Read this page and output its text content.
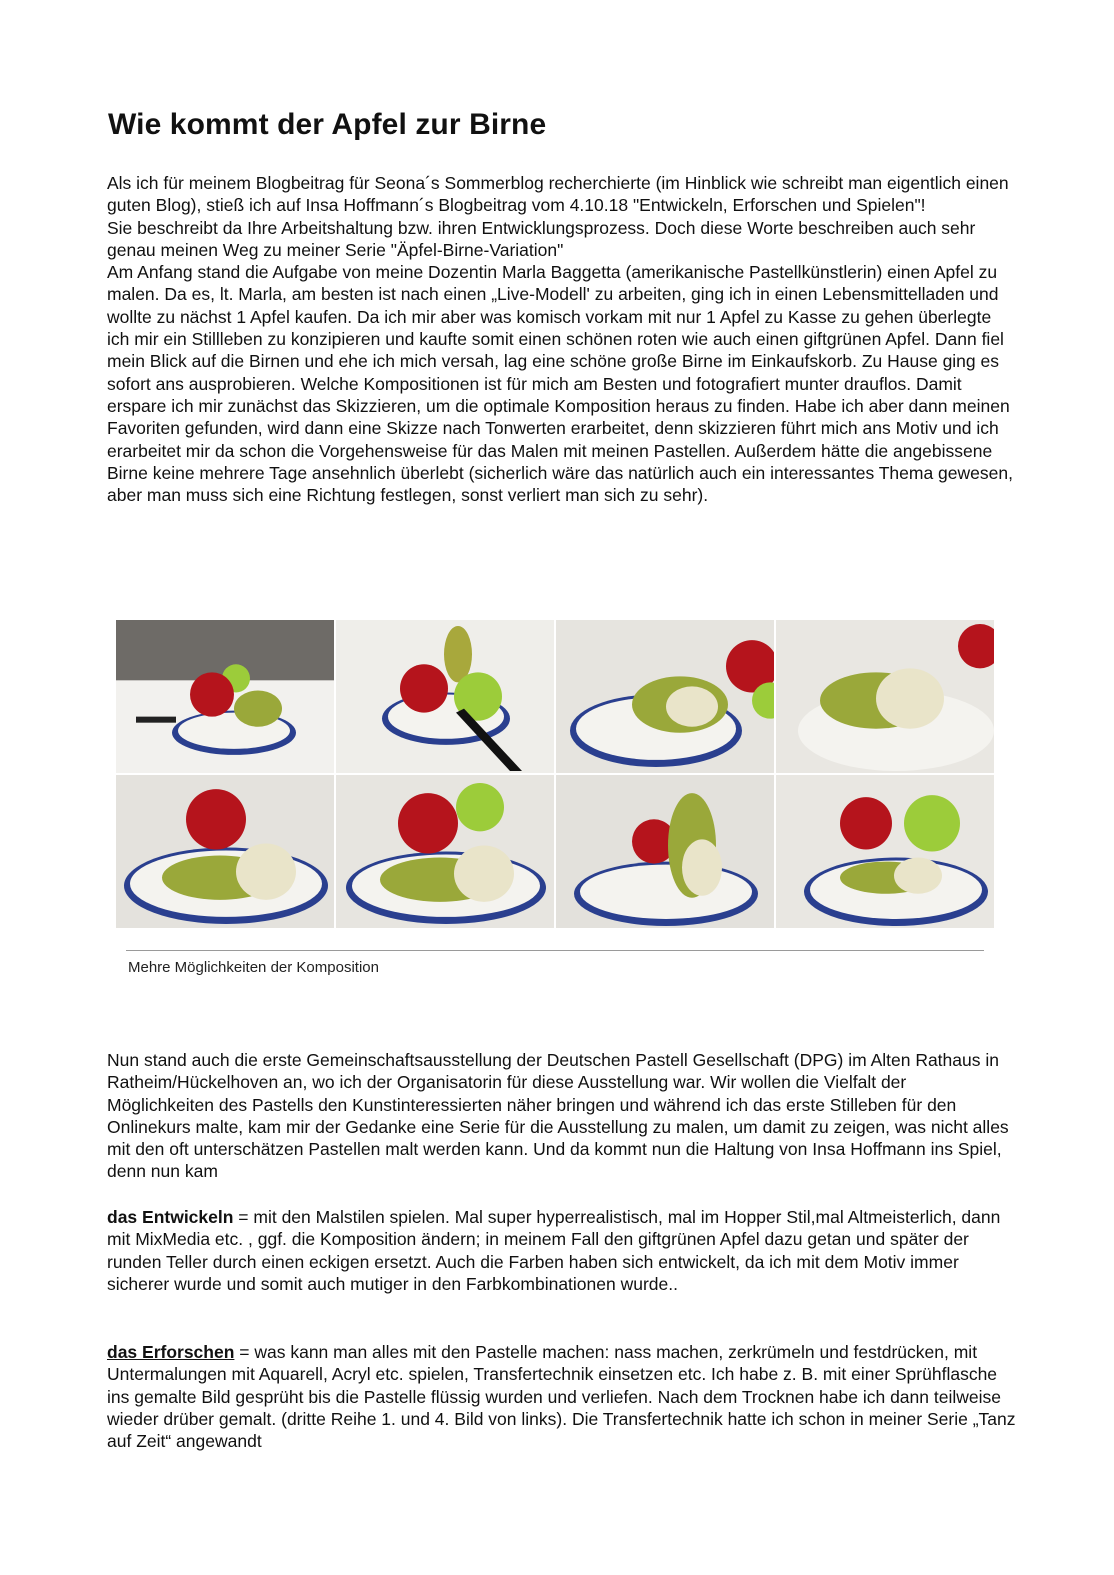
Wie kommt der Apfel zur Birne

Als ich für meinem Blogbeitrag für Seona´s Sommerblog recherchierte (im Hinblick wie schreibt man eigentlich einen guten Blog), stieß ich auf Insa Hoffmann´s Blogbeitrag vom 4.10.18 "Entwickeln, Erforschen und Spielen"!

Sie beschreibt da Ihre Arbeitshaltung bzw. ihren Entwicklungsprozess. Doch diese Worte beschreiben auch sehr genau meinen Weg zu meiner Serie "Äpfel-Birne-Variation"

Am Anfang stand die Aufgabe von meine Dozentin Marla Baggetta (amerikanische Pastellkünstlerin) einen Apfel zu malen. Da es, lt. Marla, am besten ist nach einen „Live-Modell' zu arbeiten, ging ich in einen Lebensmittelladen und wollte zu nächst 1 Apfel kaufen. Da ich mir aber was komisch vorkam mit nur 1 Apfel zu Kasse zu gehen überlegte ich mir ein Stillleben zu konzipieren und kaufte somit einen schönen roten wie auch einen giftgrünen Apfel. Dann fiel mein Blick auf die Birnen und ehe ich mich versah, lag eine schöne große Birne im Einkaufskorb. Zu Hause ging es sofort ans ausprobieren. Welche Kompositionen ist für mich am Besten und fotografiert munter drauflos. Damit erspare ich mir zunächst das Skizzieren, um die optimale Komposition heraus zu finden. Habe ich aber dann meinen Favoriten gefunden, wird dann eine Skizze nach Tonwerten erarbeitet, denn skizzieren führt mich ans Motiv und ich erarbeitet mir da schon die Vorgehensweise für das Malen mit meinen Pastellen. Außerdem hätte die angebissene Birne keine mehrere Tage ansehnlich überlebt (sicherlich wäre das natürlich auch ein interessantes Thema gewesen, aber man muss sich eine Richtung festlegen, sonst verliert man sich zu sehr).

Mehre Möglichkeiten der Komposition

Nun stand auch die erste Gemeinschaftsausstellung der Deutschen Pastell Gesellschaft (DPG) im Alten Rathaus in Ratheim/Hückelhoven an, wo ich der Organisatorin für diese Ausstellung war. Wir wollen die Vielfalt der Möglichkeiten des Pastells den Kunstinteressierten näher bringen und während ich das erste Stilleben für den Onlinekurs malte, kam mir der Gedanke eine Serie für die Ausstellung zu malen, um damit zu zeigen, was nicht alles mit den oft unterschätzen Pastellen malt werden kann. Und da kommt nun die Haltung von Insa Hoffmann ins Spiel, denn nun kam

das Entwickeln = mit den Malstilen spielen. Mal super hyperrealistisch, mal im Hopper Stil,mal Altmeisterlich, dann mit MixMedia etc. , ggf. die Komposition ändern; in meinem Fall den giftgrünen Apfel dazu getan und später der runden Teller durch einen eckigen ersetzt. Auch die Farben haben sich entwickelt, da ich mit dem Motiv immer sicherer wurde und somit auch mutiger in den Farbkombinationen wurde..

das Erforschen = was kann man alles mit den Pastelle machen: nass machen, zerkrümeln und festdrücken, mit Untermalungen mit Aquarell, Acryl etc. spielen, Transfertechnik einsetzen etc. Ich habe z. B. mit einer Sprühflasche ins gemalte Bild gesprüht bis die Pastelle flüssig wurden und verliefen. Nach dem Trocknen habe ich dann teilweise wieder drüber gemalt. (dritte Reihe 1. und 4. Bild von links). Die Transfertechnik hatte ich schon in meiner Serie „Tanz auf Zeit“ angewandt
